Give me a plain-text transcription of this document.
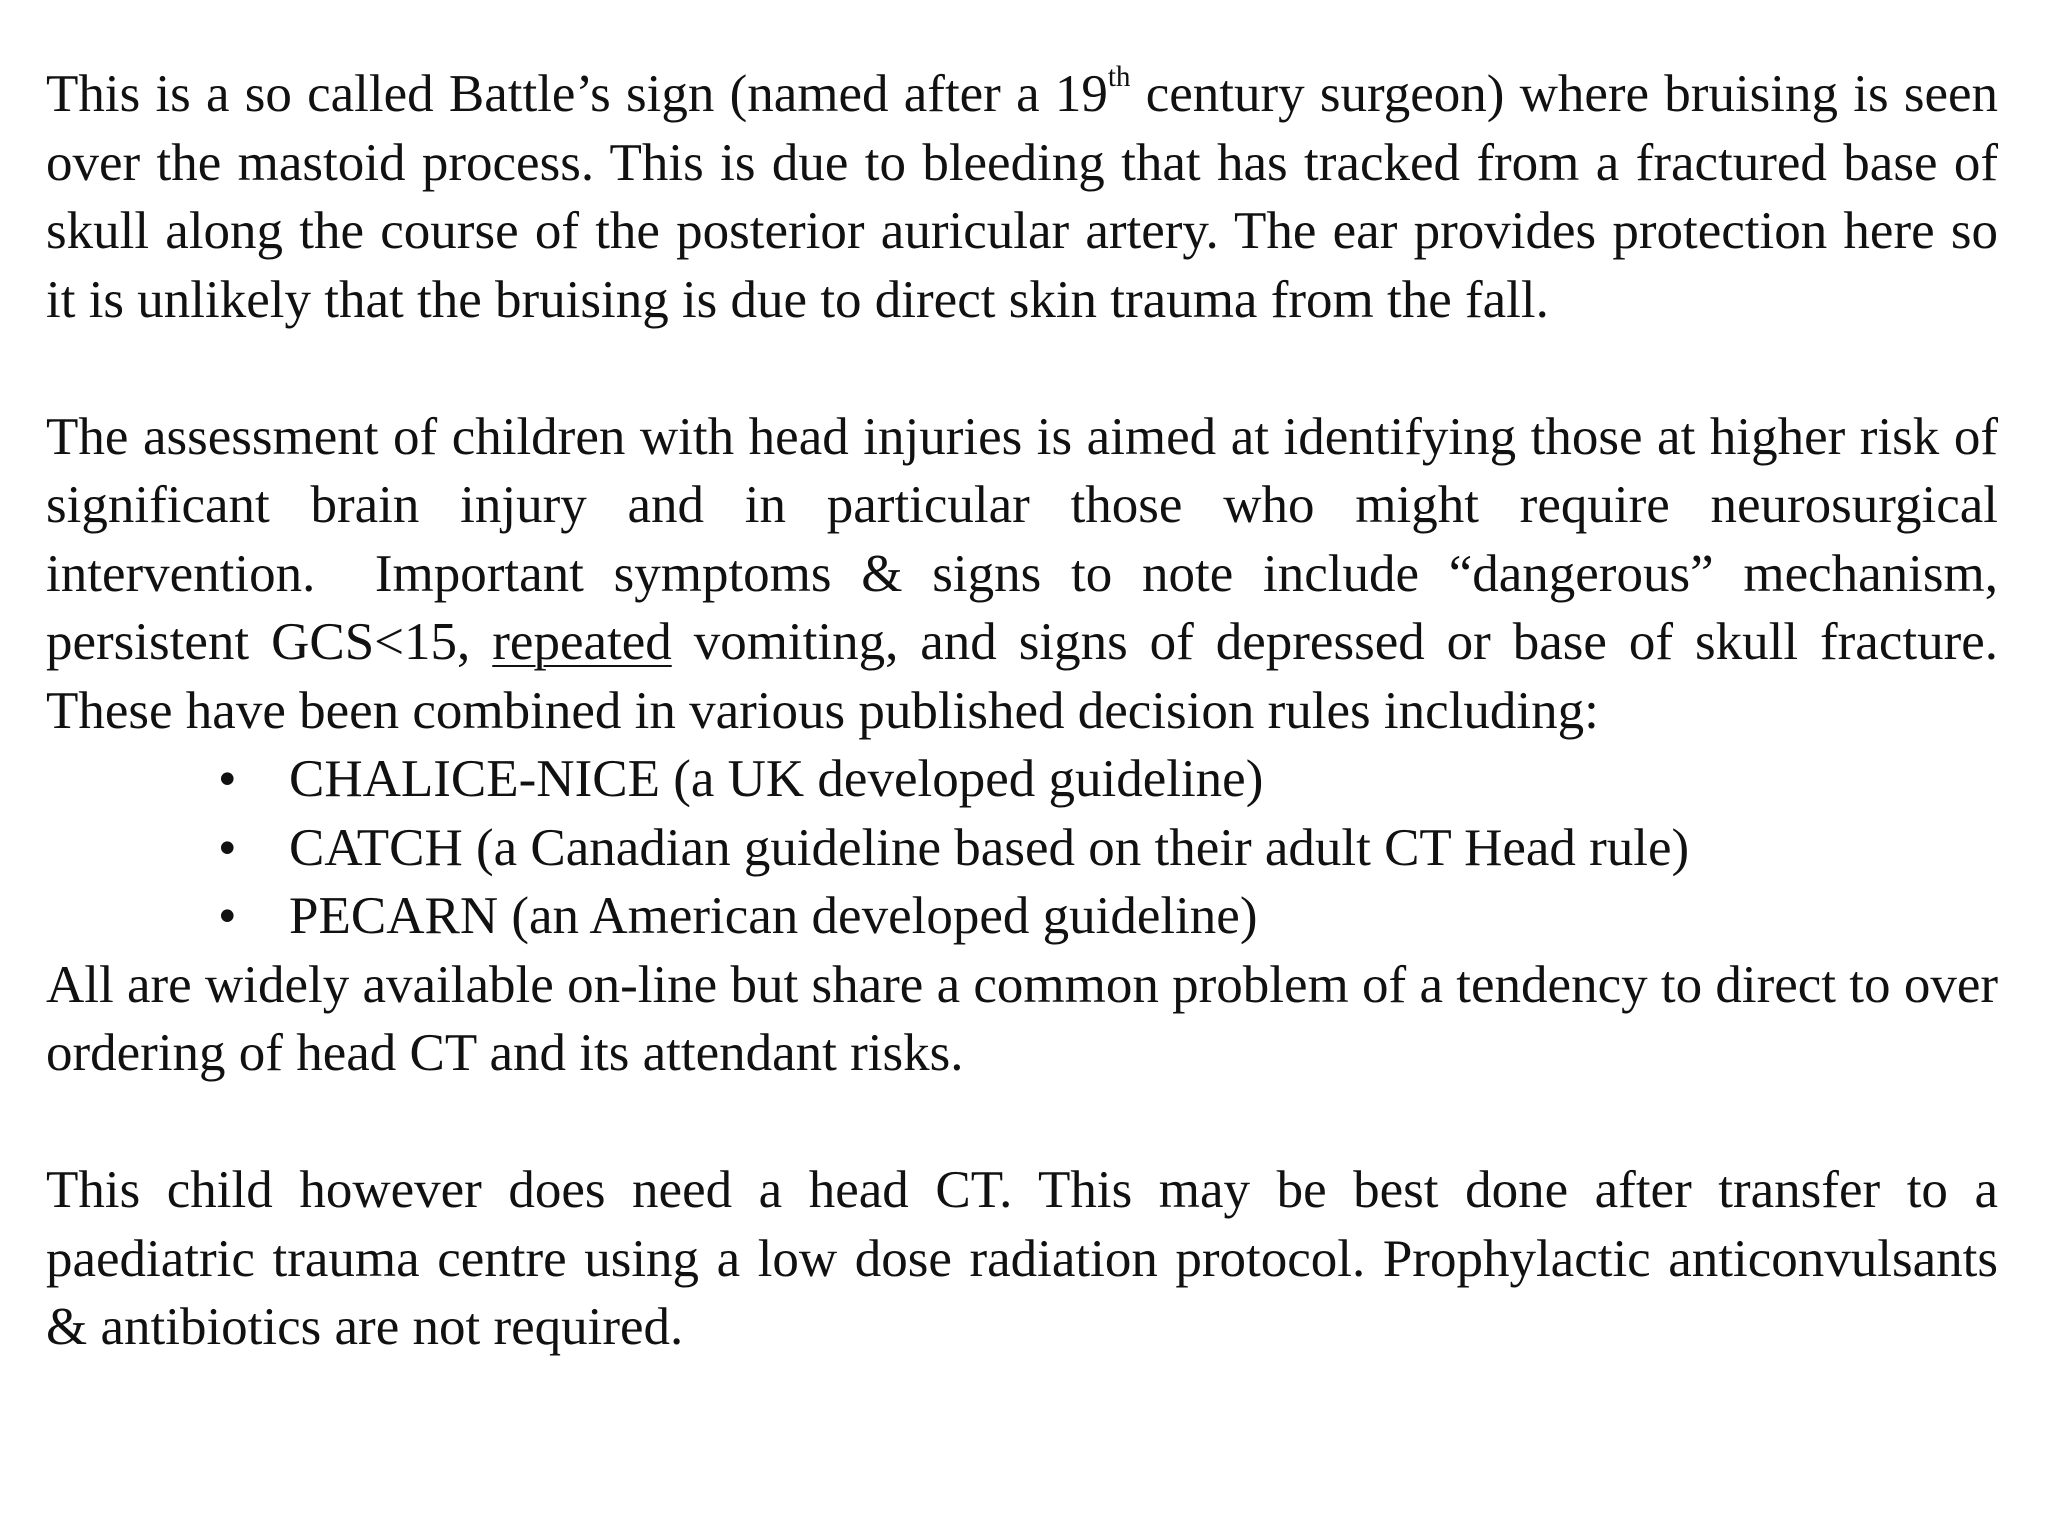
This is a so called Battle’s sign (named after a 19th century surgeon) where bruising is seen over the mastoid process. This is due to bleeding that has tracked from a fractured base of skull along the course of the posterior auricular artery. The ear provides protection here so it is unlikely that the bruising is due to direct skin trauma from the fall.

The assessment of children with head injuries is aimed at identifying those at higher risk of significant brain injury and in particular those who might require neurosurgical intervention.  Important symptoms & signs to note include “dangerous” mechanism, persistent GCS<15, repeated vomiting, and signs of depressed or base of skull fracture. These have been combined in various published decision rules including:

• CHALICE-NICE (a UK developed guideline)
• CATCH (a Canadian guideline based on their adult CT Head rule)
• PECARN (an American developed guideline)

All are widely available on-line but share a common problem of a tendency to direct to over ordering of head CT and its attendant risks.

This child however does need a head CT. This may be best done after transfer to a paediatric trauma centre using a low dose radiation protocol. Prophylactic anticonvulsants & antibiotics are not required.
